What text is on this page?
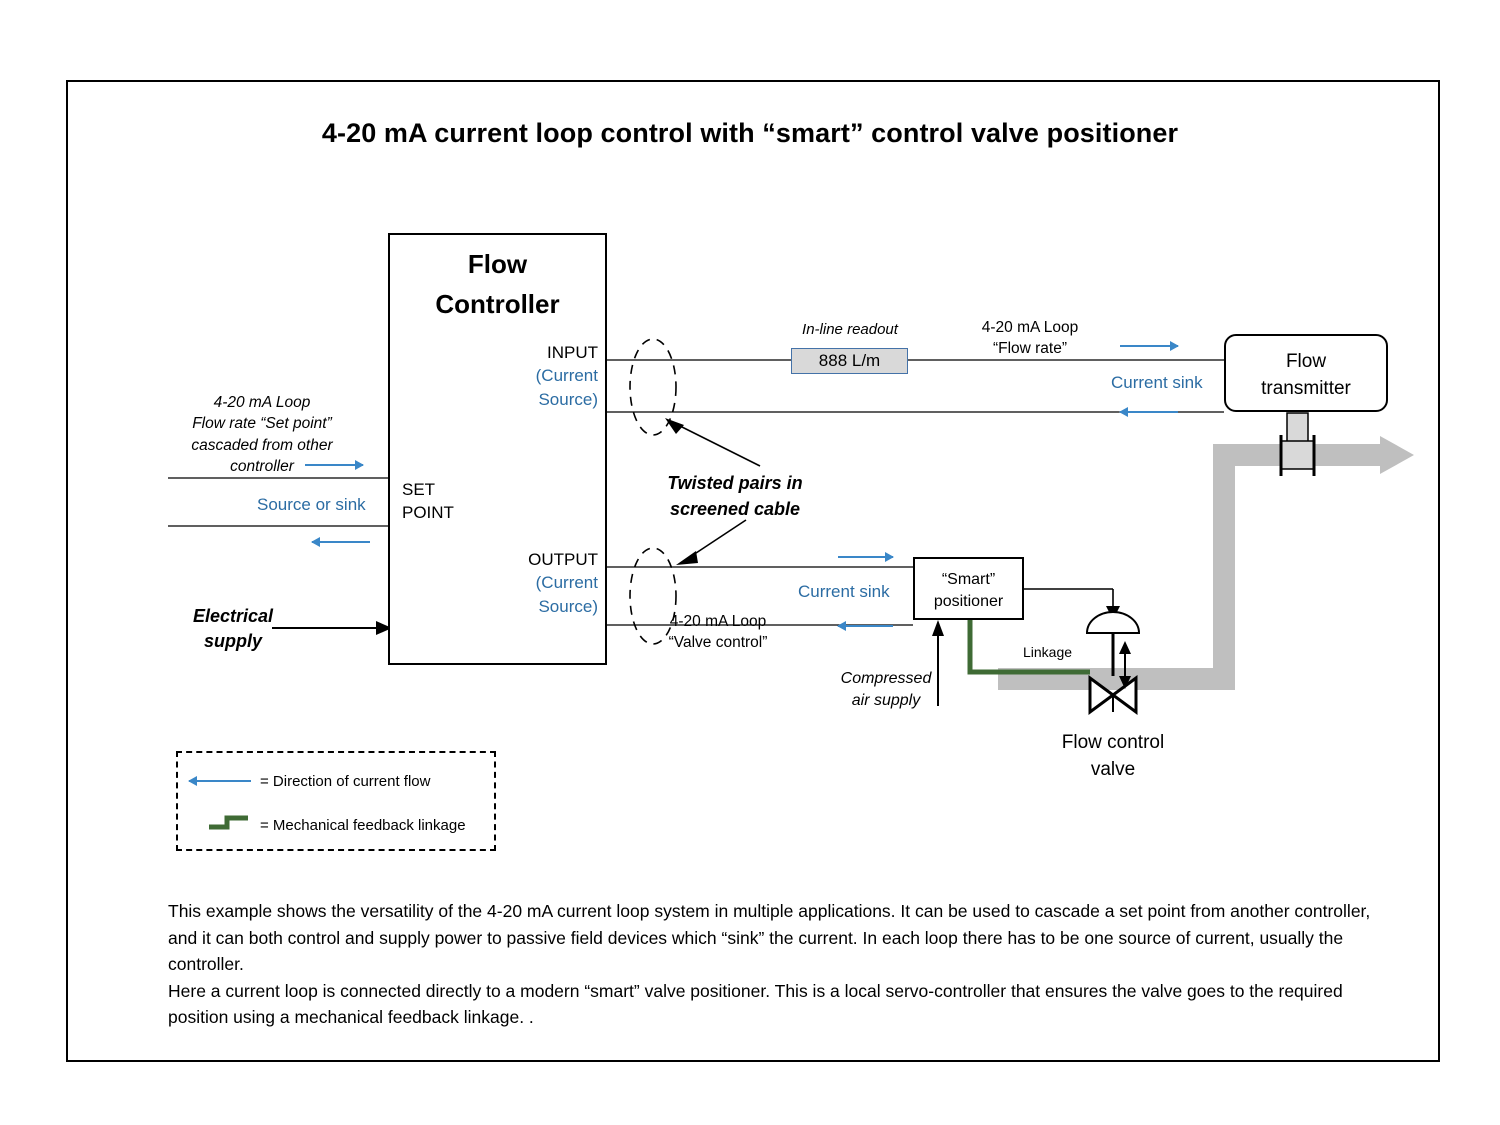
4-20 mA current loop control with “smart” control valve positioner
Flow
Controller
INPUT
(Current
Source)
OUTPUT
(Current
Source)
SET
POINT
4-20 mA Loop
Flow rate “Set point”
cascaded from other
controller
Source or sink
Electrical
supply
Twisted pairs in
screened cable
In-line readout
888 L/m
4-20 mA Loop
“Flow rate”
Current sink
Flow
transmitter
Current sink
4-20 mA Loop
“Valve control”
“Smart”
positioner
Compressed
air supply
Linkage
Flow control
valve
= Direction of current flow
= Mechanical feedback linkage

This example shows the versatility of the 4-20 mA current loop system in multiple applications. It can be used to cascade a set point from another controller, and it can both control and supply power to passive field devices which “sink” the current. In each loop there has to be one source of current, usually the controller.

Here a current loop is connected directly to a modern “smart” valve positioner. This is a local servo-controller that ensures the valve goes to the required position using a mechanical feedback linkage. .
